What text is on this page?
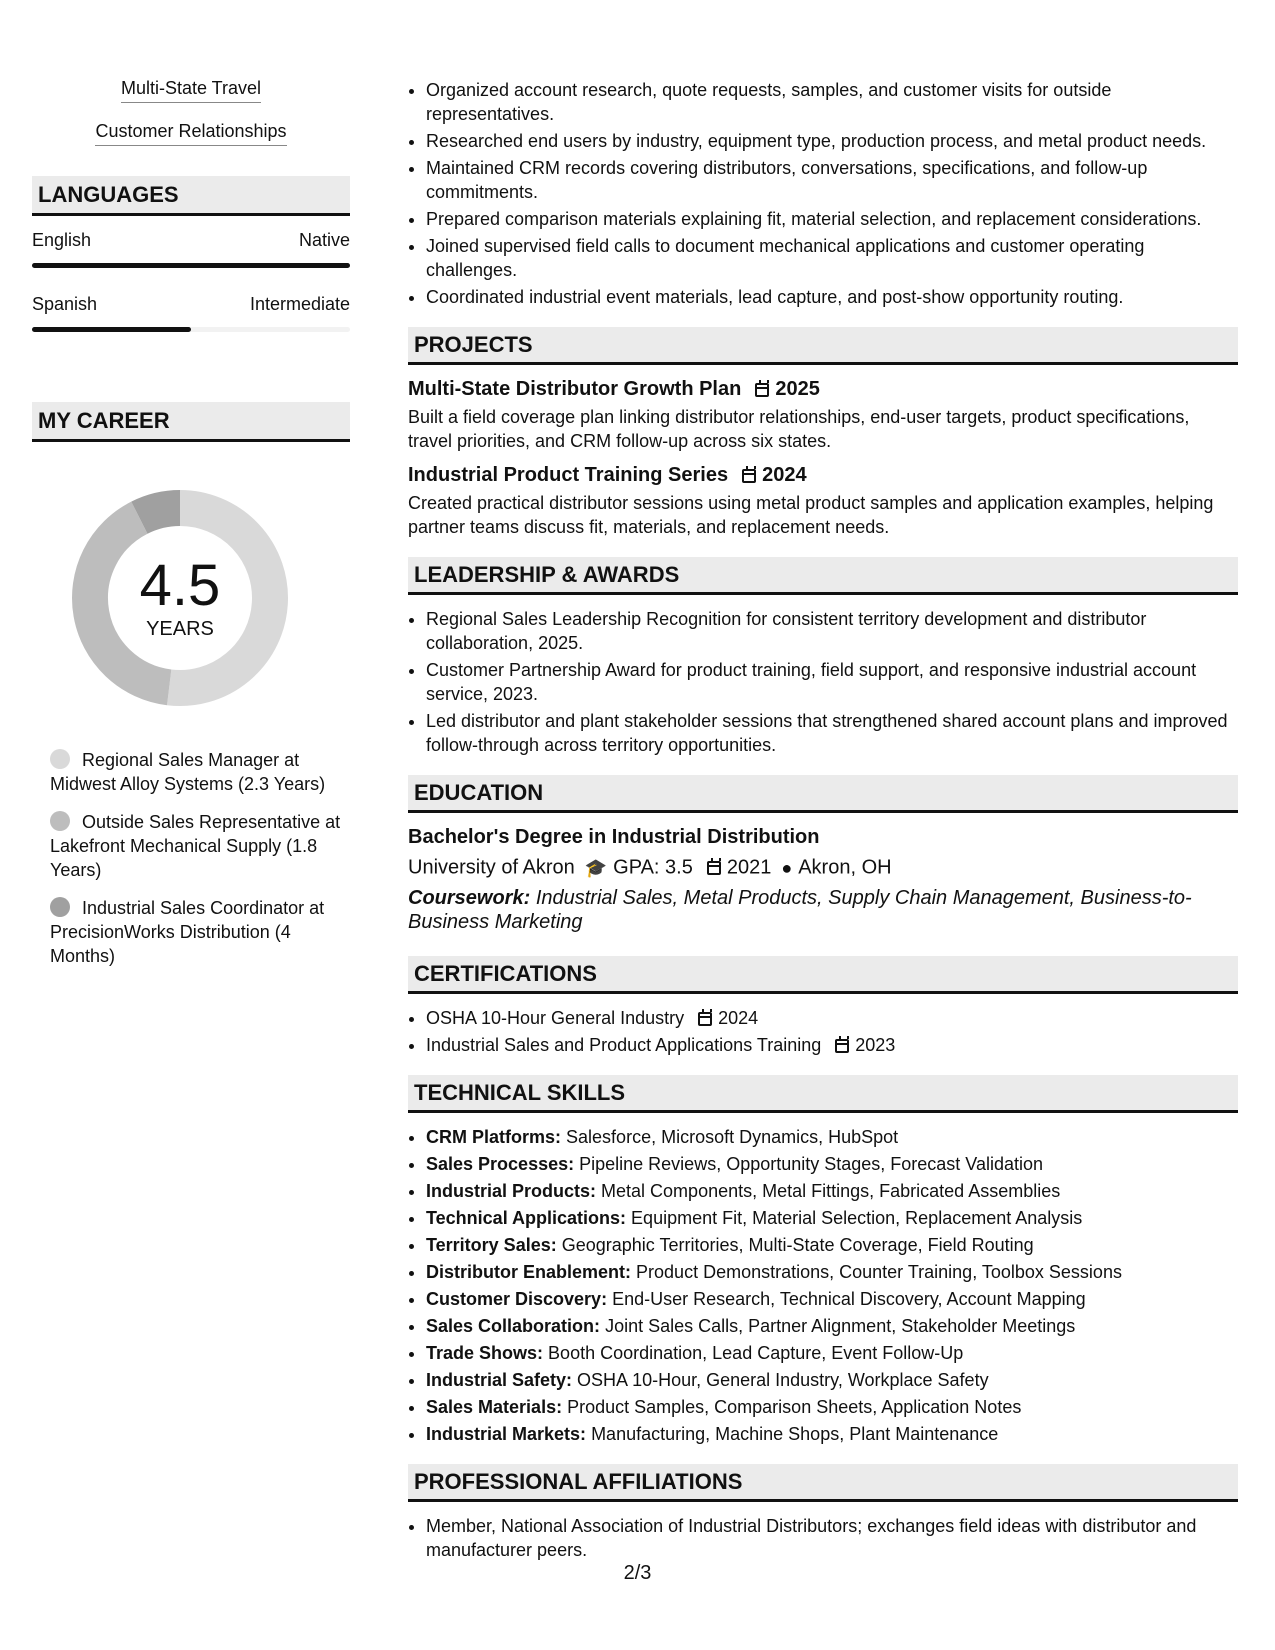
Multi-State Travel
Customer Relationships
LANGUAGES
English	Native
Spanish	Intermediate
MY CAREER
4.5
YEARS
Regional Sales Manager at Midwest Alloy Systems (2.3 Years)
Outside Sales Representative at Lakefront Mechanical Supply (1.8 Years)
Industrial Sales Coordinator at PrecisionWorks Distribution (4 Months)
• Organized account research, quote requests, samples, and customer visits for outside representatives.
• Researched end users by industry, equipment type, production process, and metal product needs.
• Maintained CRM records covering distributors, conversations, specifications, and follow-up commitments.
• Prepared comparison materials explaining fit, material selection, and replacement considerations.
• Joined supervised field calls to document mechanical applications and customer operating challenges.
• Coordinated industrial event materials, lead capture, and post-show opportunity routing.
PROJECTS
Multi-State Distributor Growth Plan 2025
Built a field coverage plan linking distributor relationships, end-user targets, product specifications, travel priorities, and CRM follow-up across six states.
Industrial Product Training Series 2024
Created practical distributor sessions using metal product samples and application examples, helping partner teams discuss fit, materials, and replacement needs.
LEADERSHIP & AWARDS
• Regional Sales Leadership Recognition for consistent territory development and distributor collaboration, 2025.
• Customer Partnership Award for product training, field support, and responsive industrial account service, 2023.
• Led distributor and plant stakeholder sessions that strengthened shared account plans and improved follow-through across territory opportunities.
EDUCATION
Bachelor's Degree in Industrial Distribution
University of Akron 🎓 GPA: 3.5 2021 ● Akron, OH
Coursework: Industrial Sales, Metal Products, Supply Chain Management, Business-to-Business Marketing
CERTIFICATIONS
• OSHA 10-Hour General Industry 2024
• Industrial Sales and Product Applications Training 2023
TECHNICAL SKILLS
• CRM Platforms: Salesforce, Microsoft Dynamics, HubSpot
• Sales Processes: Pipeline Reviews, Opportunity Stages, Forecast Validation
• Industrial Products: Metal Components, Metal Fittings, Fabricated Assemblies
• Technical Applications: Equipment Fit, Material Selection, Replacement Analysis
• Territory Sales: Geographic Territories, Multi-State Coverage, Field Routing
• Distributor Enablement: Product Demonstrations, Counter Training, Toolbox Sessions
• Customer Discovery: End-User Research, Technical Discovery, Account Mapping
• Sales Collaboration: Joint Sales Calls, Partner Alignment, Stakeholder Meetings
• Trade Shows: Booth Coordination, Lead Capture, Event Follow-Up
• Industrial Safety: OSHA 10-Hour, General Industry, Workplace Safety
• Sales Materials: Product Samples, Comparison Sheets, Application Notes
• Industrial Markets: Manufacturing, Machine Shops, Plant Maintenance
PROFESSIONAL AFFILIATIONS
• Member, National Association of Industrial Distributors; exchanges field ideas with distributor and manufacturer peers.
2/3
